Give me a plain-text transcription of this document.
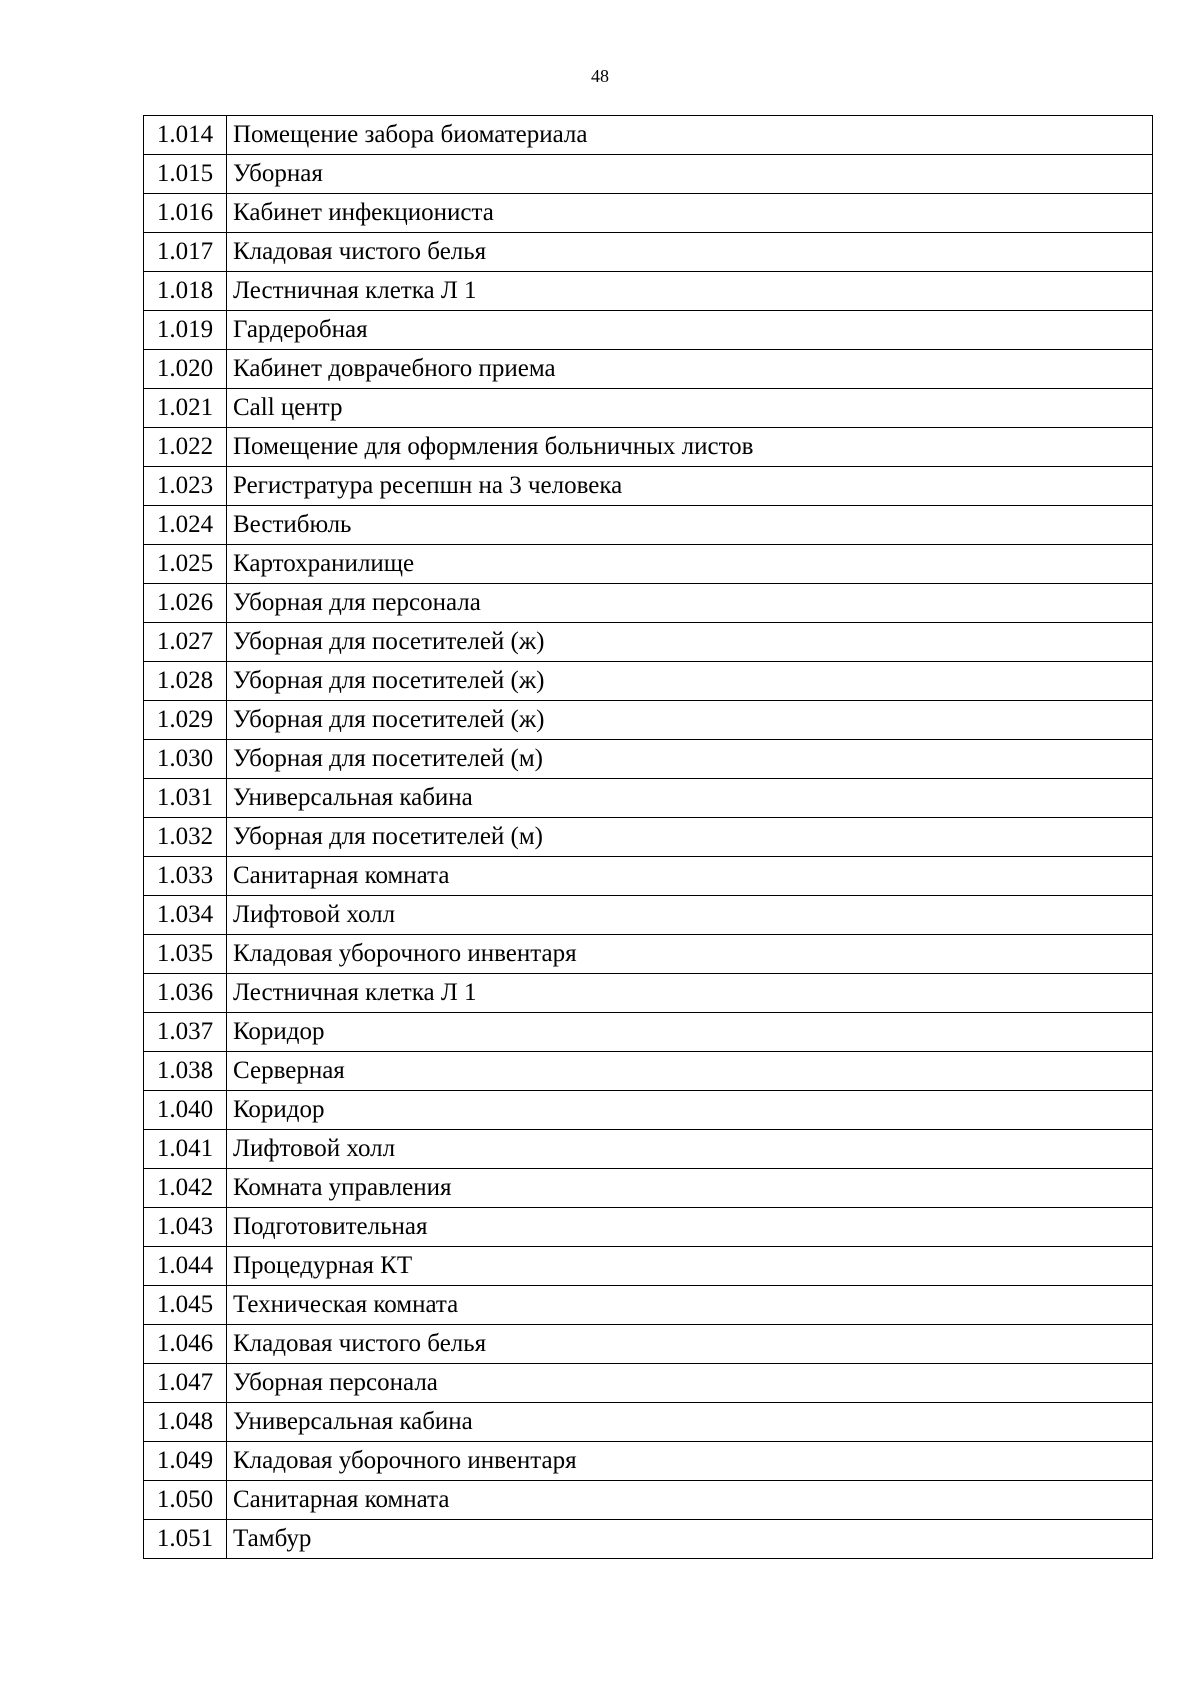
48
1.014	Помещение забора биоматериала
1.015	Уборная
1.016	Кабинет инфекциониста
1.017	Кладовая чистого белья
1.018	Лестничная клетка Л 1
1.019	Гардеробная
1.020	Кабинет доврачебного приема
1.021	Call центр
1.022	Помещение для оформления больничных листов
1.023	Регистратура ресепшн на 3 человека
1.024	Вестибюль
1.025	Картохранилище
1.026	Уборная для персонала
1.027	Уборная для посетителей (ж)
1.028	Уборная для посетителей (ж)
1.029	Уборная для посетителей (ж)
1.030	Уборная для посетителей (м)
1.031	Универсальная кабина
1.032	Уборная для посетителей (м)
1.033	Санитарная комната
1.034	Лифтовой холл
1.035	Кладовая уборочного инвентаря
1.036	Лестничная клетка Л 1
1.037	Коридор
1.038	Серверная
1.040	Коридор
1.041	Лифтовой холл
1.042	Комната управления
1.043	Подготовительная
1.044	Процедурная КТ
1.045	Техническая комната
1.046	Кладовая чистого белья
1.047	Уборная персонала
1.048	Универсальная кабина
1.049	Кладовая уборочного инвентаря
1.050	Санитарная комната
1.051	Тамбур
